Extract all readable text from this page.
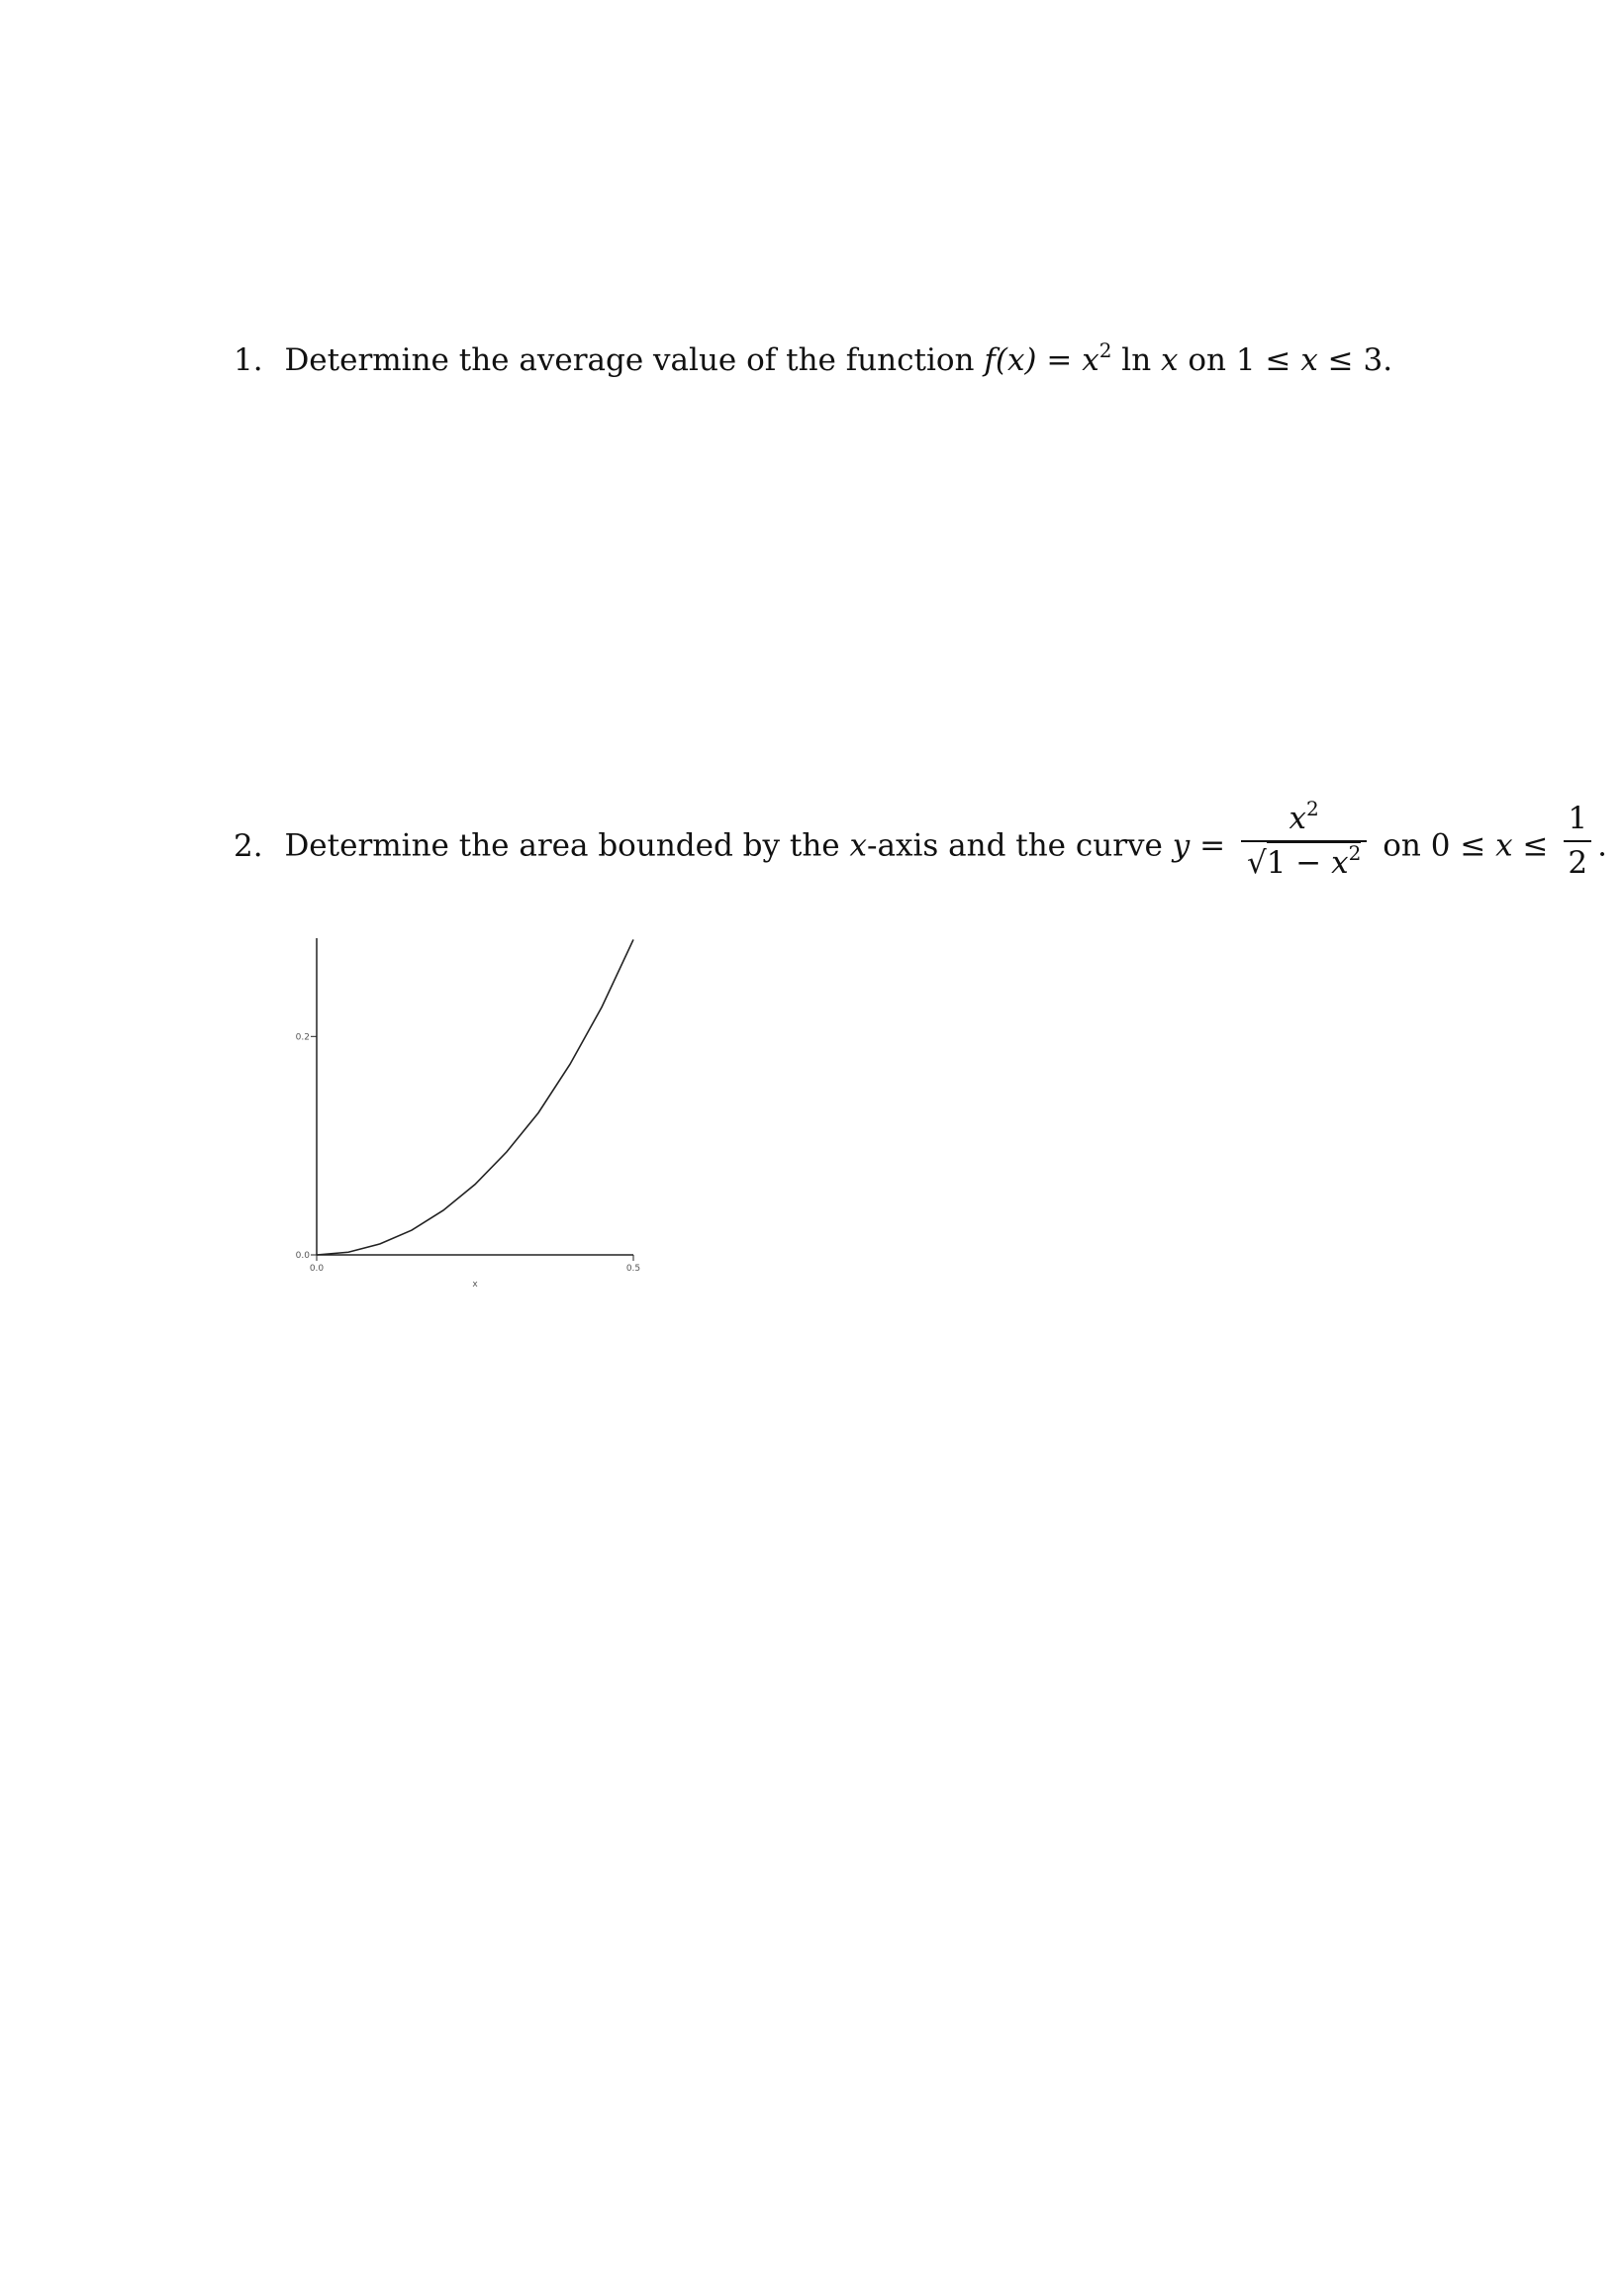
1. Determine the average value of the function $f(x) = x^2$ ln x on 1 ≤ x ≤ 3.
2. Determine the area bounded by the x-axis and the curve $y = \frac{x^2}{√1 - x^2}$ on $0 \le x \le \frac{1}{2}$ .
0.0	0.5
0.0
0.2
x
